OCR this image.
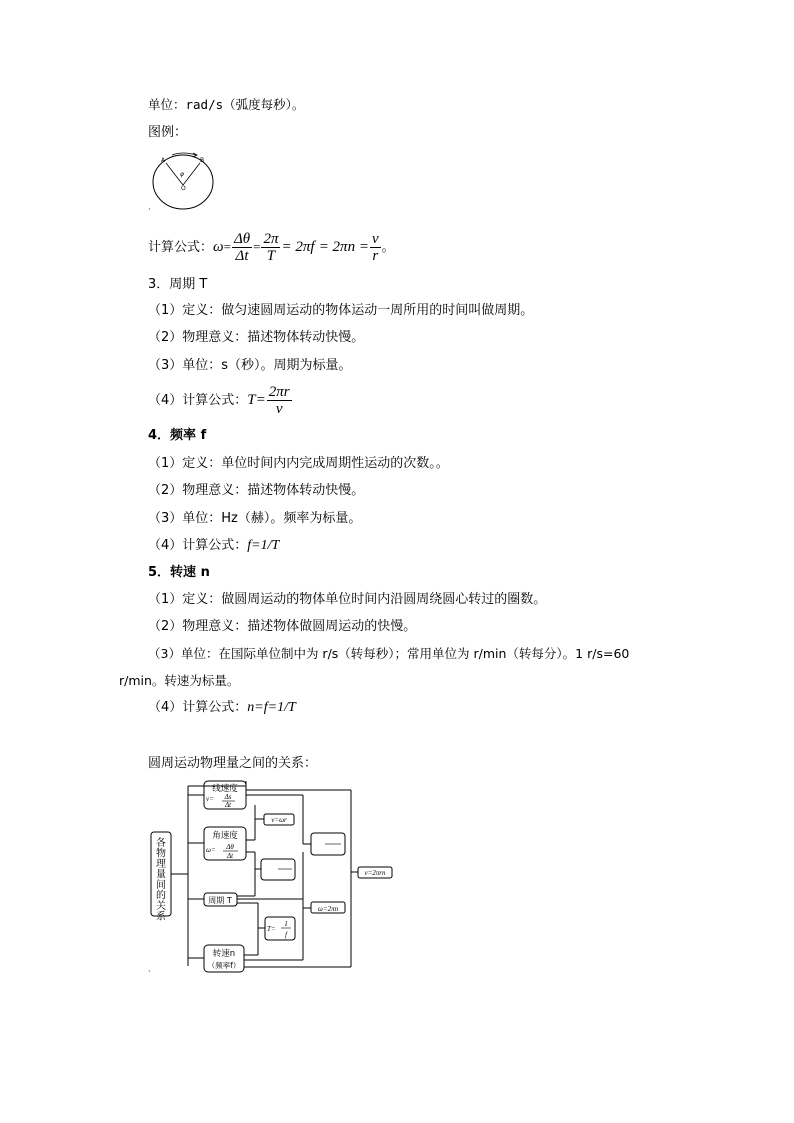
单位：rad/s（弧度每秒）。
图例：
A	B
φ
O
·
计算公式：$\omega= \frac{\Delta\theta}{\Delta t} = \frac{2\pi}{T} = 2\pi f = 2\pi n = \frac{v}{r}$ 。
3．周期 T
（1）定义：做匀速圆周运动的物体运动一周所用的时间叫做周期。
（2）物理意义：描述物体转动快慢。
（3）单位：s（秒）。周期为标量。
（4）计算公式：$T= \frac{2\pi r}{v}$
4．频率 f
（1）定义：单位时间内内完成周期性运动的次数。。
（2）物理意义：描述物体转动快慢。
（3）单位：Hz（赫）。频率为标量。
（4）计算公式：f=1/T
5．转速 n
（1）定义：做圆周运动的物体单位时间内沿圆周绕圆心转过的圈数。
（2）物理意义：描述物体做圆周运动的快慢。
（3）单位：在国际单位制中为 r/s（转每秒）；常用单位为 r/min（转每分）。1 r/s=60
r/min。转速为标量。
（4）计算公式：n=f=1/T
圆周运动物理量之间的关系：
各物理量间的关系
线速度
v= Δs
Δt
角速度
ω= Δθ
Δt
周期 T
转速n
（频率f）
v=ωr
T=
1
f
ω=2πn
v=2πrn
·
